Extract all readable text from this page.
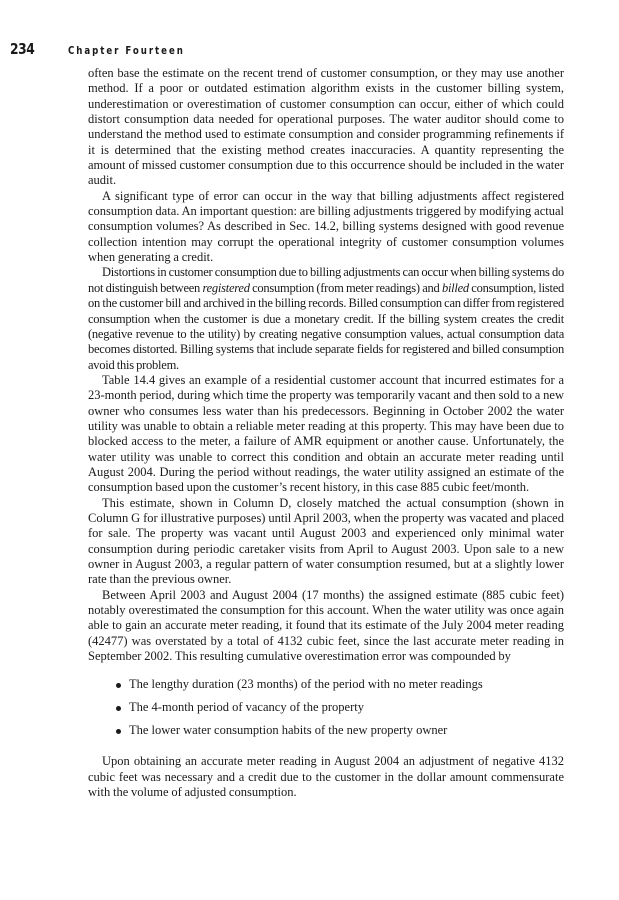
234	Chapter Fourteen

often base the estimate on the recent trend of customer consumption, or they may use another method. If a poor or outdated estimation algorithm exists in the customer billing system, underestimation or overestimation of customer consumption can occur, either of which could distort consumption data needed for operational purposes. The water auditor should come to understand the method used to estimate consumption and consider programming refinements if it is determined that the existing method creates inaccuracies. A quantity representing the amount of missed customer consumption due to this occurrence should be included in the water audit.

A significant type of error can occur in the way that billing adjustments affect registered consumption data. An important question: are billing adjustments triggered by modifying actual consumption volumes? As described in Sec. 14.2, billing systems designed with good revenue collection intention may corrupt the operational integrity of customer consumption volumes when generating a credit.

Distortions in customer consumption due to billing adjustments can occur when billing systems do not distinguish between registered consumption (from meter readings) and billed consumption, listed on the customer bill and archived in the billing records. Billed consumption can differ from registered consumption when the customer is due a monetary credit. If the billing system creates the credit (negative revenue to the utility) by creating negative consumption values, actual consumption data becomes distorted. Billing systems that include separate fields for registered and billed consumption avoid this problem.

Table 14.4 gives an example of a residential customer account that incurred estimates for a 23-month period, during which time the property was temporarily vacant and then sold to a new owner who consumes less water than his predecessors. Beginning in October 2002 the water utility was unable to obtain a reliable meter reading at this property. This may have been due to blocked access to the meter, a failure of AMR equipment or another cause. Unfortunately, the water utility was unable to correct this condition and obtain an accurate meter reading until August 2004. During the period without readings, the water utility assigned an estimate of the consumption based upon the customer’s recent history, in this case 885 cubic feet/month.

This estimate, shown in Column D, closely matched the actual consumption (shown in Column G for illustrative purposes) until April 2003, when the property was vacated and placed for sale. The property was vacant until August 2003 and experienced only minimal water consumption during periodic caretaker visits from April to August 2003. Upon sale to a new owner in August 2003, a regular pattern of water consumption resumed, but at a slightly lower rate than the previous owner.

Between April 2003 and August 2004 (17 months) the assigned estimate (885 cubic feet) notably overestimated the consumption for this account. When the water utility was once again able to gain an accurate meter reading, it found that its estimate of the July 2004 meter reading (42477) was overstated by a total of 4132 cubic feet, since the last accurate meter reading in September 2002. This resulting cumulative overestimation error was compounded by

The lengthy duration (23 months) of the period with no meter readings
The 4-month period of vacancy of the property
The lower water consumption habits of the new property owner

Upon obtaining an accurate meter reading in August 2004 an adjustment of negative 4132 cubic feet was necessary and a credit due to the customer in the dollar amount commensurate with the volume of adjusted consumption.
